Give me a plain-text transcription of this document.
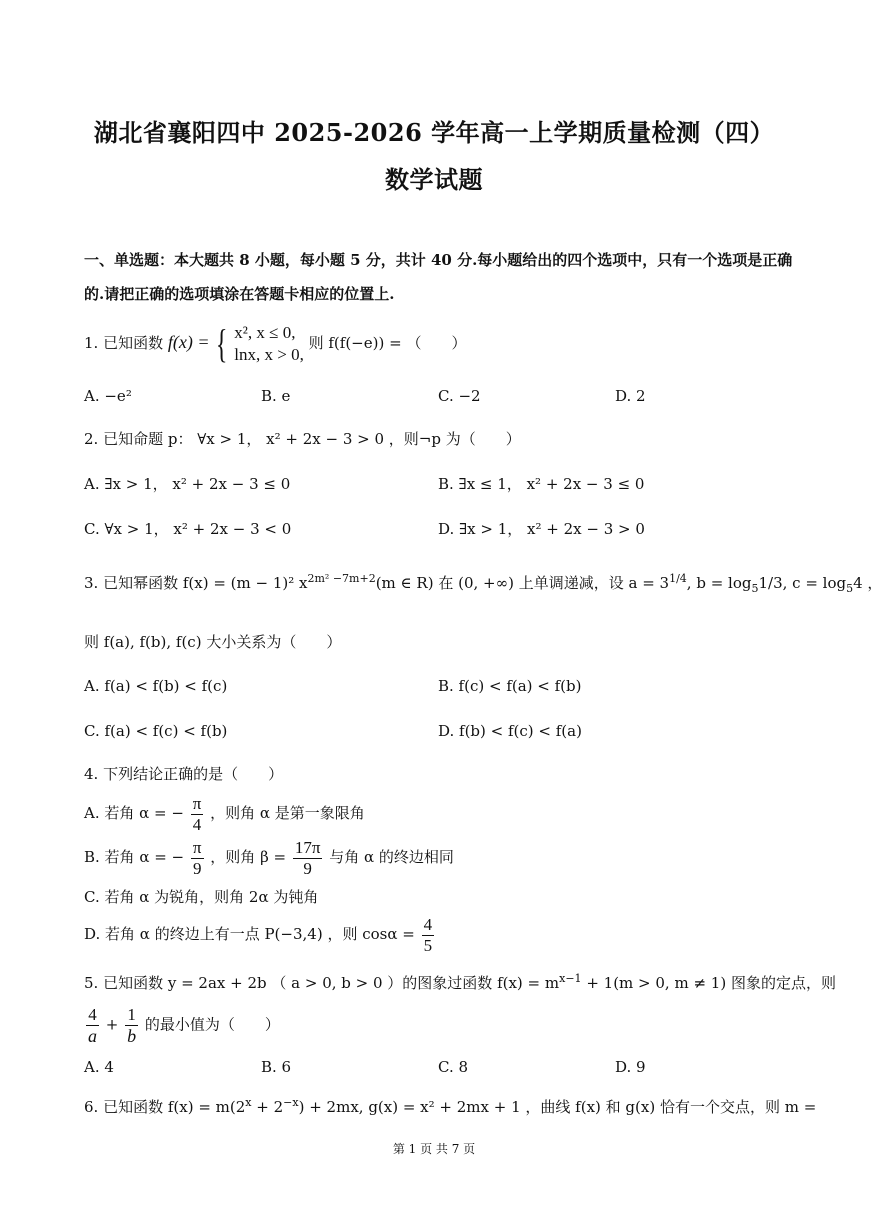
湖北省襄阳四中 2025-2026 学年高一上学期质量检测（四）
数学试题
一、单选题：本大题共 8 小题，每小题 5 分，共计 40 分.每小题给出的四个选项中，只有一个选项是正确
的.请把正确的选项填涂在答题卡相应的位置上.
1. 已知函数 f(x) = { x², x ≤ 0,
lnx, x > 0,
则 f(f(−e)) = （　　）
A. −e²	B. e	C. −2	D. 2
2. 已知命题 p： ∀x > 1， x² + 2x − 3 > 0 ，则¬p 为（　　）
A. ∃x > 1， x² + 2x − 3 ≤ 0	B. ∃x ≤ 1， x² + 2x − 3 ≤ 0
C. ∀x > 1， x² + 2x − 3 < 0	D. ∃x > 1， x² + 2x − 3 > 0
3. 已知幂函数 f(x) = (m − 1)² $x^{2m^2 -7m+2}(m$ ∈ R) 在 (0, +∞) 上单调递减，设 $a = 3^{1/4}$, $b = \log_51/3$, $c = \log_54$ ，
则 f(a), f(b), f(c) 大小关系为（　　）
A. f(a) < f(b) < f(c)	B. f(c) < f(a) < f(b)
C. f(a) < f(c) < f(b)	D. f(b) < f(c) < f(a)
4. 下列结论正确的是（　　）
A. 若角 α = − $\frac{\pi}{4}$ ，则角 α 是第一象限角
B. 若角 α = − $\frac{\pi}{9}$ ，则角 $\beta = \frac{17\pi}{9}$ 与角 α 的终边相同
C. 若角 α 为锐角，则角 2α 为钝角
D. 若角 α 的终边上有一点 P(−3,4) ，则 $\cos\alpha = \frac{4}{5}$
5. 已知函数 y = 2ax + 2b （ a > 0, b > 0 ）的图象过函数 $f(x) = m^{x-1} + 1(m > 0$, m ≠ 1) 图象的定点，则
$\frac{4}{a} + \frac{1}{b}$ 的最小值为（　　）
A. 4	B. 6	C. 8	D. 9
6. 已知函数 $f(x) = m(2^x + 2^{-x}) + 2mx$, g(x) = x² + 2mx + 1 ，曲线 f(x) 和 g(x) 恰有一个交点，则 m =
第 1 页 共 7 页
